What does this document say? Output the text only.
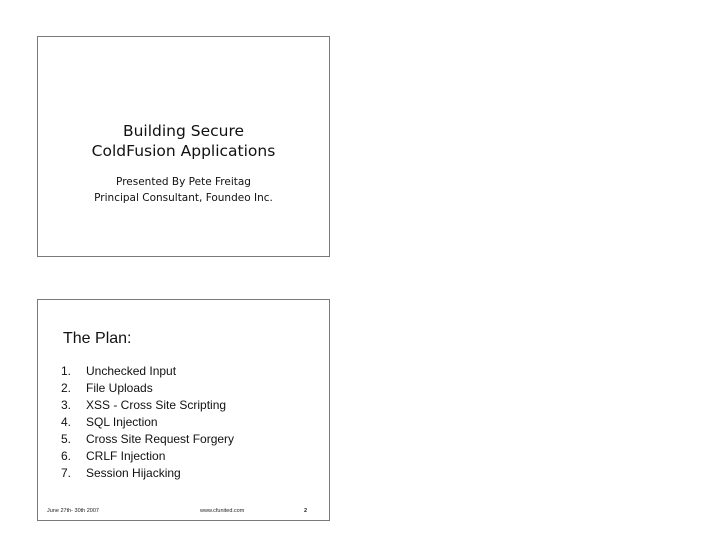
Building Secure
ColdFusion Applications
Presented By Pete Freitag
Principal Consultant, Foundeo Inc.
The Plan:
1.	Unchecked Input
2.	File Uploads
3.	XSS - Cross Site Scripting
4.	SQL Injection
5.	Cross Site Request Forgery
6.	CRLF Injection
7.	Session Hijacking
June 27th- 30th 2007	www.cfunited.com	2
